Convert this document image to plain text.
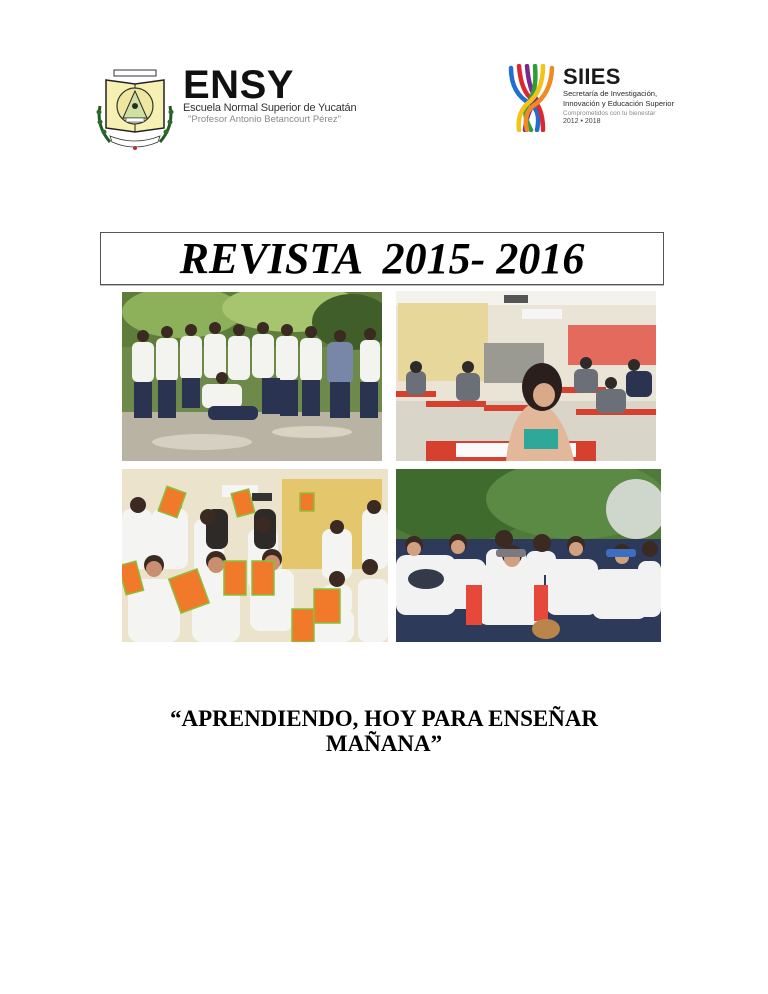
ENSY
Escuela Normal Superior de Yucatán
"Profesor Antonio Betancourt Pérez"
SIIES
Secretaría de Investigación,
Innovación y Educación Superior
Comprometidos con tu bienestar
2012 • 2018
REVISTA  2015- 2016
“APRENDIENDO, HOY PARA ENSEÑAR
MAÑANA”
